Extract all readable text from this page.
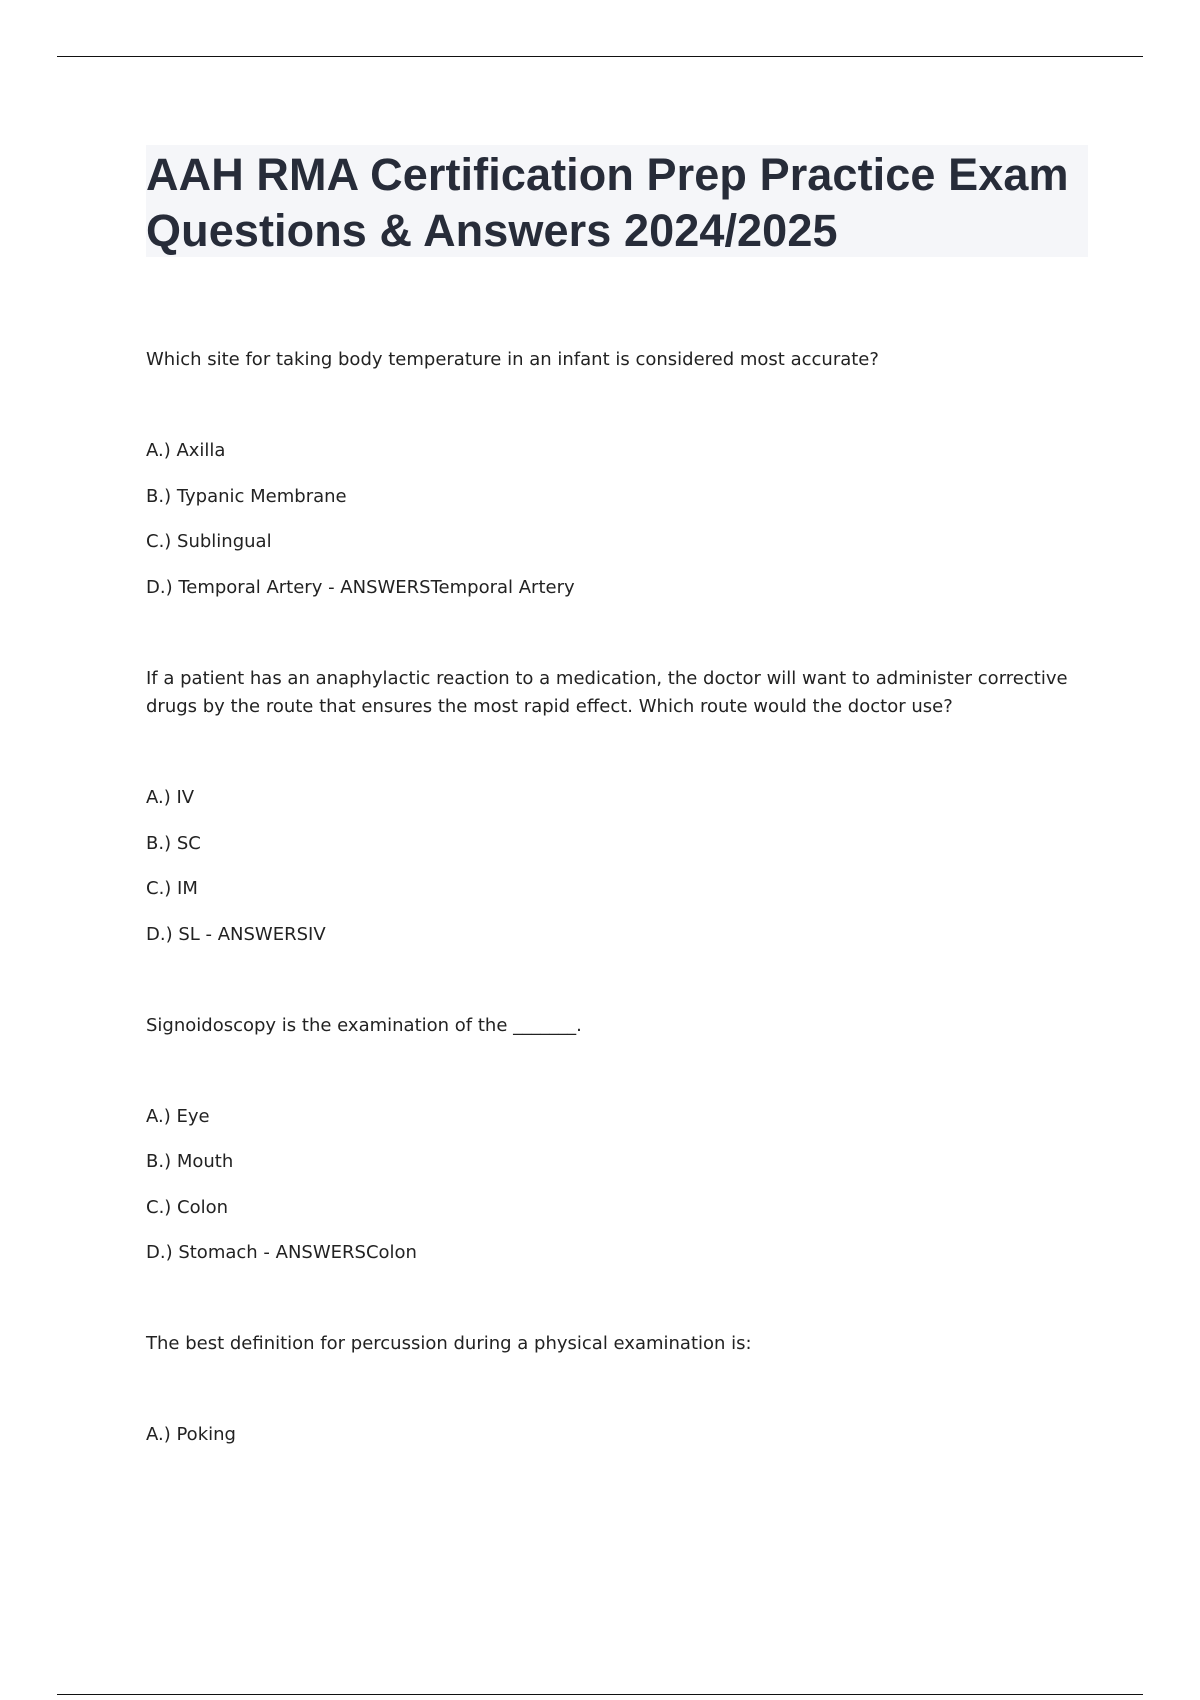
AAH RMA Certification Prep Practice Exam Questions & Answers 2024/2025

Which site for taking body temperature in an infant is considered most accurate?

A.) Axilla

B.) Typanic Membrane

C.) Sublingual

D.) Temporal Artery - ANSWERSTemporal Artery

If a patient has an anaphylactic reaction to a medication, the doctor will want to administer corrective drugs by the route that ensures the most rapid effect. Which route would the doctor use?

A.) IV

B.) SC

C.) IM

D.) SL - ANSWERSIV

Signoidoscopy is the examination of the _______.

A.) Eye

B.) Mouth

C.) Colon

D.) Stomach - ANSWERSColon

The best definition for percussion during a physical examination is:

A.) Poking
